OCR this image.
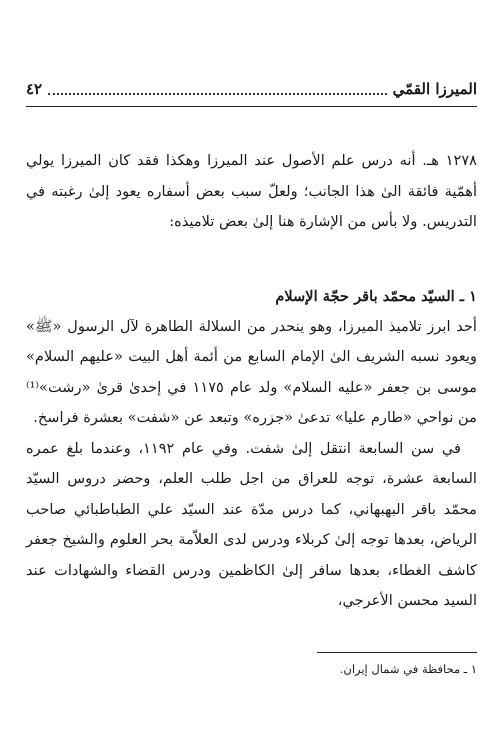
الميرزا القمّي
٤٢

١٢٧٨ هـ. أنه درس علم الأصول عند الميرزا وهكذا فقد كان الميرزا يولي أهمّية فائقة الىٰ هذا الجانب؛ ولعلّ سبب بعض أسفاره يعود إلىٰ رغبته في التدريس. ولا بأس من الإشارة هنا إلىٰ بعض تلاميذه:

١ ـ السيّد محمّد باقر حجّة الإسلام

أحد ابرز تلاميذ الميرزا، وهو ينحدر من السلالة الطاهرة لآل الرسول «ﷺ» ويعود نسبه الشريف الىٰ الإمام السابع من أئمة أهل البيت «عليهم السلام» موسى بن جعفر «عليه السلام» ولد عام ١١٧٥ في إحدىٰ قرىٰ «رشت»⁽¹⁾ من نواحي «طارم عليا» تدعىٰ «جزره» وتبعد عن «شفت» بعشرة فراسخ.

في سن السابعة انتقل إلىٰ شفت. وفي عام ١١٩٢، وعندما بلغ عمره السابعة عشرة، توجه للعراق من اجل طلب العلم، وحضر دروس السيّد محمّد باقر البهبهاني، كما درس مدّة عند السيّد علي الطباطبائي صاحب الرياض، بعدها توجه إلىٰ كربلاء ودرس لدى العلاّمة بحر العلوم والشيخ جعفر كاشف الغطاء، بعدها سافر إلىٰ الكاظمين ودرس القضاء والشهادات عند السيد محسن الأعرجي،

١ ـ محافظة في شمال إيران.
